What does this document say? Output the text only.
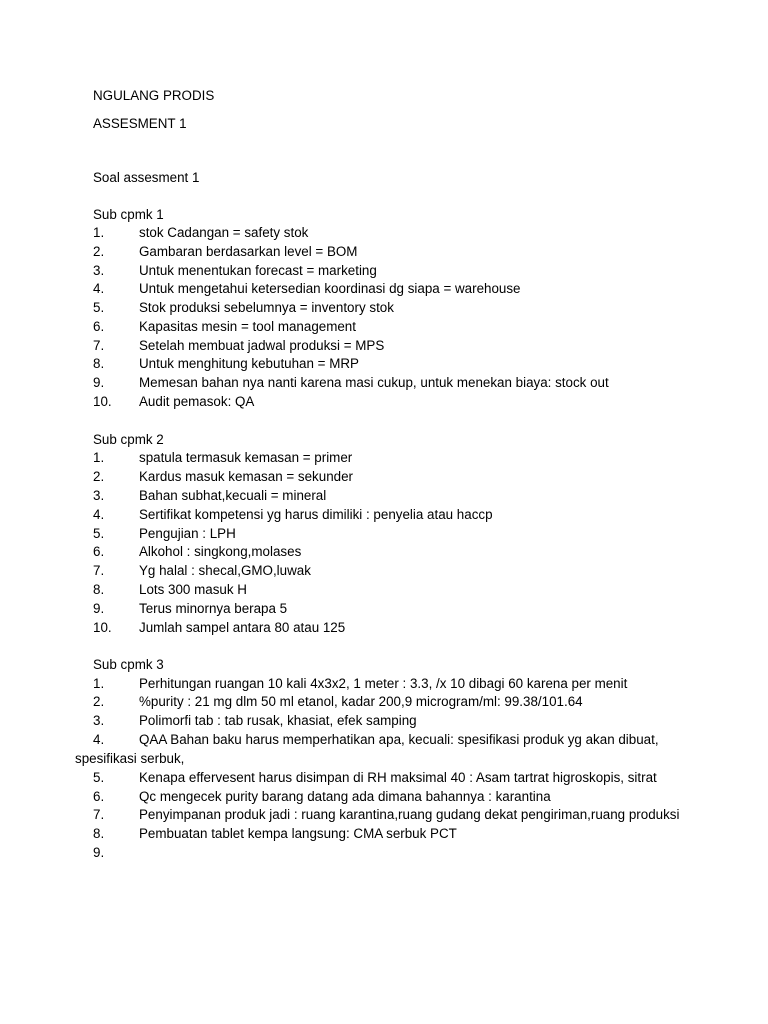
NGULANG PRODIS
ASSESMENT 1
Soal assesment 1
Sub cpmk 1
1.	stok Cadangan = safety stok
2.	Gambaran berdasarkan level = BOM
3.	Untuk menentukan forecast = marketing
4.	Untuk mengetahui ketersedian koordinasi dg siapa = warehouse
5.	Stok produksi sebelumnya = inventory stok
6.	Kapasitas mesin = tool management
7.	Setelah membuat jadwal produksi = MPS
8.	Untuk menghitung kebutuhan = MRP
9.	Memesan bahan nya nanti karena masi cukup, untuk menekan biaya: stock out
10. Audit pemasok: QA
Sub cpmk 2
1.	spatula termasuk kemasan = primer
2.	Kardus masuk kemasan = sekunder
3.	Bahan subhat,kecuali = mineral
4.	Sertifikat kompetensi yg harus dimiliki : penyelia atau haccp
5.	Pengujian : LPH
6.	Alkohol : singkong,molases
7.	Yg halal : shecal,GMO,luwak
8.	Lots 300 masuk H
9.	Terus minornya berapa 5
10. Jumlah sampel antara 80 atau 125
Sub cpmk 3
1.	Perhitungan ruangan 10 kali 4x3x2, 1 meter : 3.3, /x 10 dibagi 60 karena per menit
2.	%purity : 21 mg dlm 50 ml etanol, kadar 200,9 microgram/ml: 99.38/101.64
3.	Polimorfi tab : tab rusak, khasiat, efek samping
4.	QAA Bahan baku harus memperhatikan apa, kecuali: spesifikasi produk yg akan dibuat,
spesifikasi serbuk,
5.	Kenapa effervesent harus disimpan di RH maksimal 40 : Asam tartrat higroskopis, sitrat
6.	Qc mengecek purity barang datang ada dimana bahannya : karantina
7.	Penyimpanan produk jadi : ruang karantina,ruang gudang dekat pengiriman,ruang produksi
8.	Pembuatan tablet kempa langsung: CMA serbuk PCT
9.
